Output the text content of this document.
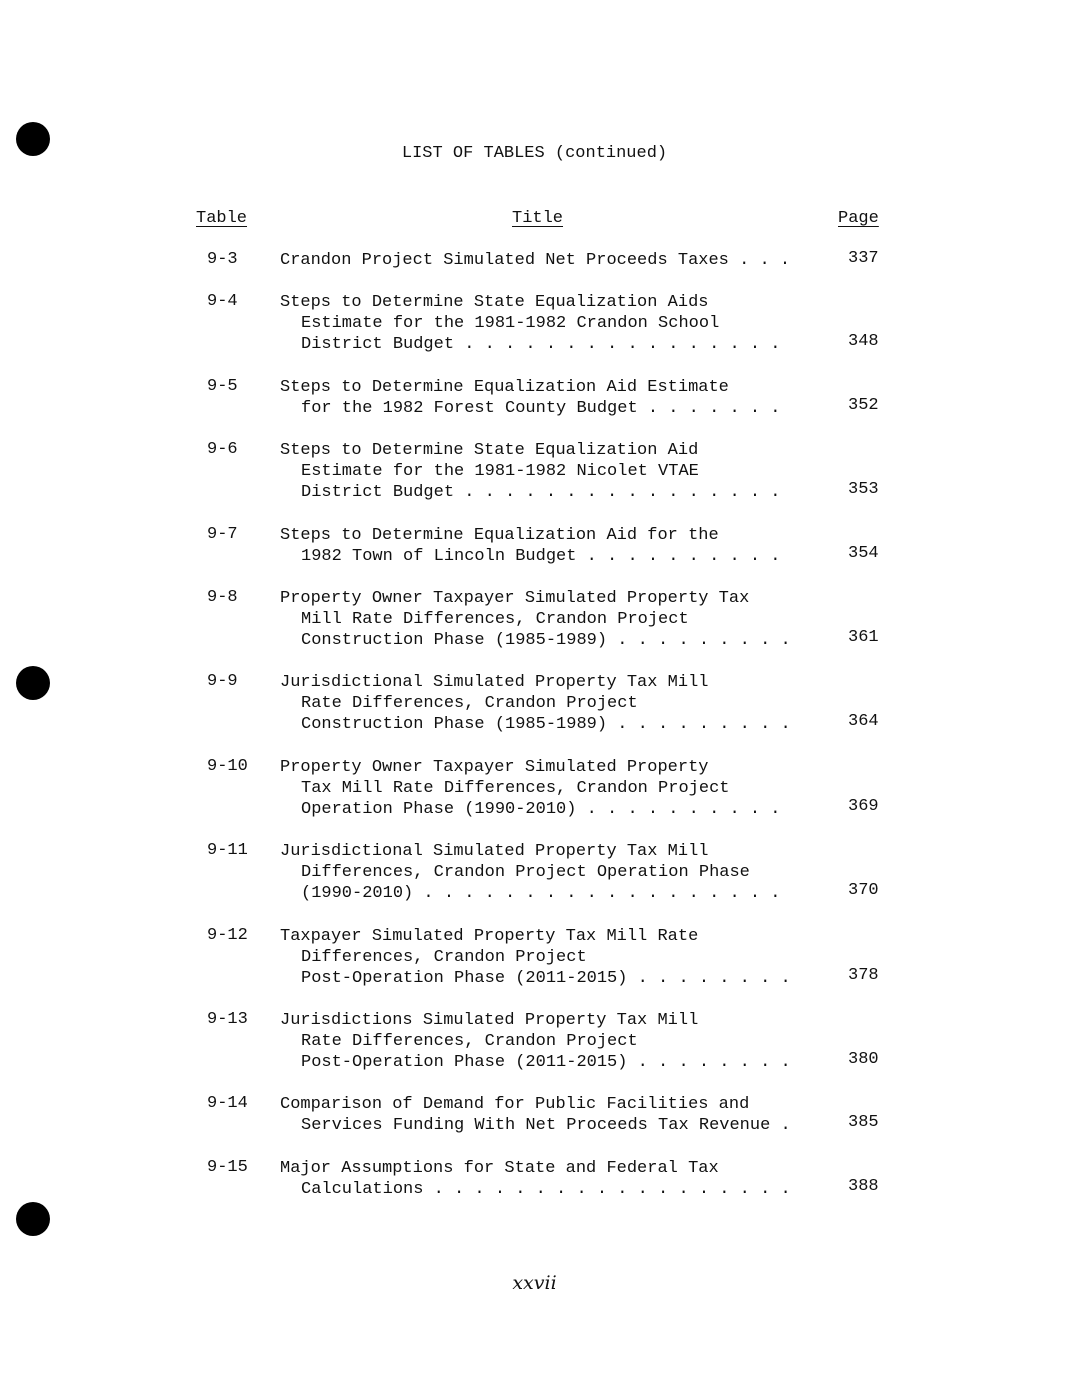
LIST OF TABLES (continued)
Table	Title	Page
9-3 Crandon Project Simulated Net Proceeds Taxes . . .	337
9-4 Steps to Determine State Equalization Aids
Estimate for the 1981-1982 Crandon School
District Budget . . . . . . . . . . . . . . . .	348
9-5 Steps to Determine Equalization Aid Estimate
for the 1982 Forest County Budget . . . . . . .	352
9-6 Steps to Determine State Equalization Aid
Estimate for the 1981-1982 Nicolet VTAE
District Budget . . . . . . . . . . . . . . . .	353
9-7 Steps to Determine Equalization Aid for the
1982 Town of Lincoln Budget . . . . . . . . . .	354
9-8 Property Owner Taxpayer Simulated Property Tax
Mill Rate Differences, Crandon Project
Construction Phase (1985-1989) . . . . . . . . .	361
9-9 Jurisdictional Simulated Property Tax Mill
Rate Differences, Crandon Project
Construction Phase (1985-1989) . . . . . . . . .	364
9-10 Property Owner Taxpayer Simulated Property
Tax Mill Rate Differences, Crandon Project
Operation Phase (1990-2010) . . . . . . . . . .	369
9-11 Jurisdictional Simulated Property Tax Mill
Differences, Crandon Project Operation Phase
(1990-2010) . . . . . . . . . . . . . . . . . .	370
9-12 Taxpayer Simulated Property Tax Mill Rate
Differences, Crandon Project
Post-Operation Phase (2011-2015) . . . . . . . .	378
9-13 Jurisdictions Simulated Property Tax Mill
Rate Differences, Crandon Project
Post-Operation Phase (2011-2015) . . . . . . . .	380
9-14 Comparison of Demand for Public Facilities and
Services Funding With Net Proceeds Tax Revenue .	385
9-15 Major Assumptions for State and Federal Tax
Calculations . . . . . . . . . . . . . . . . . .	388
xxvii
